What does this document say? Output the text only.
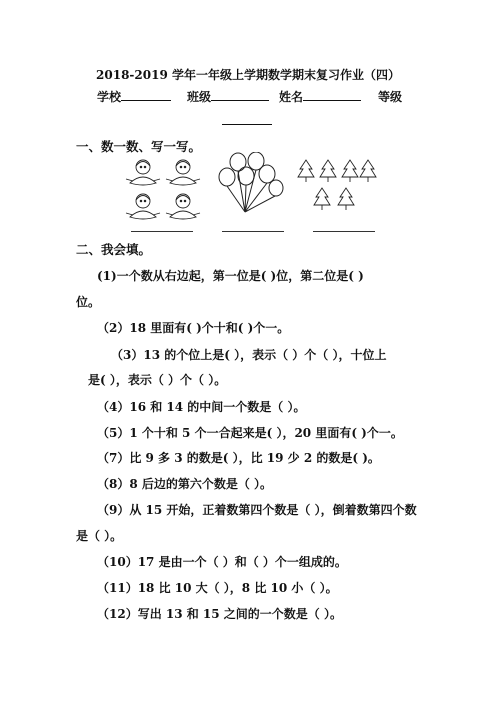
2018-2019 学年一年级上学期数学期末复习作业（四）
学校	班级	姓名	等级
一、数一数、写一写。
二、我会填。
(1)一个数从右边起，第一位是( )位，第二位是( )
位。
（2）18 里面有( )个十和( )个一。
（3）13 的个位上是( ），表示（ ）个（ ），十位上
是( ），表示（ ）个（ ）。
（4）16 和 14 的中间一个数是（ ）。
（5）1 个十和 5 个一合起来是( ），20 里面有( )个一。
（7）比 9 多 3 的数是( ），比 19 少 2 的数是( )。
（8）8 后边的第六个数是（ ）。
（9）从 15 开始，正着数第四个数是（ ），倒着数第四个数
是（ ）。
（10）17 是由一个（ ）和（ ）个一组成的。
（11）18 比 10 大（ ），8 比 10 小（ ）。
（12）写出 13 和 15 之间的一个数是（ ）。
